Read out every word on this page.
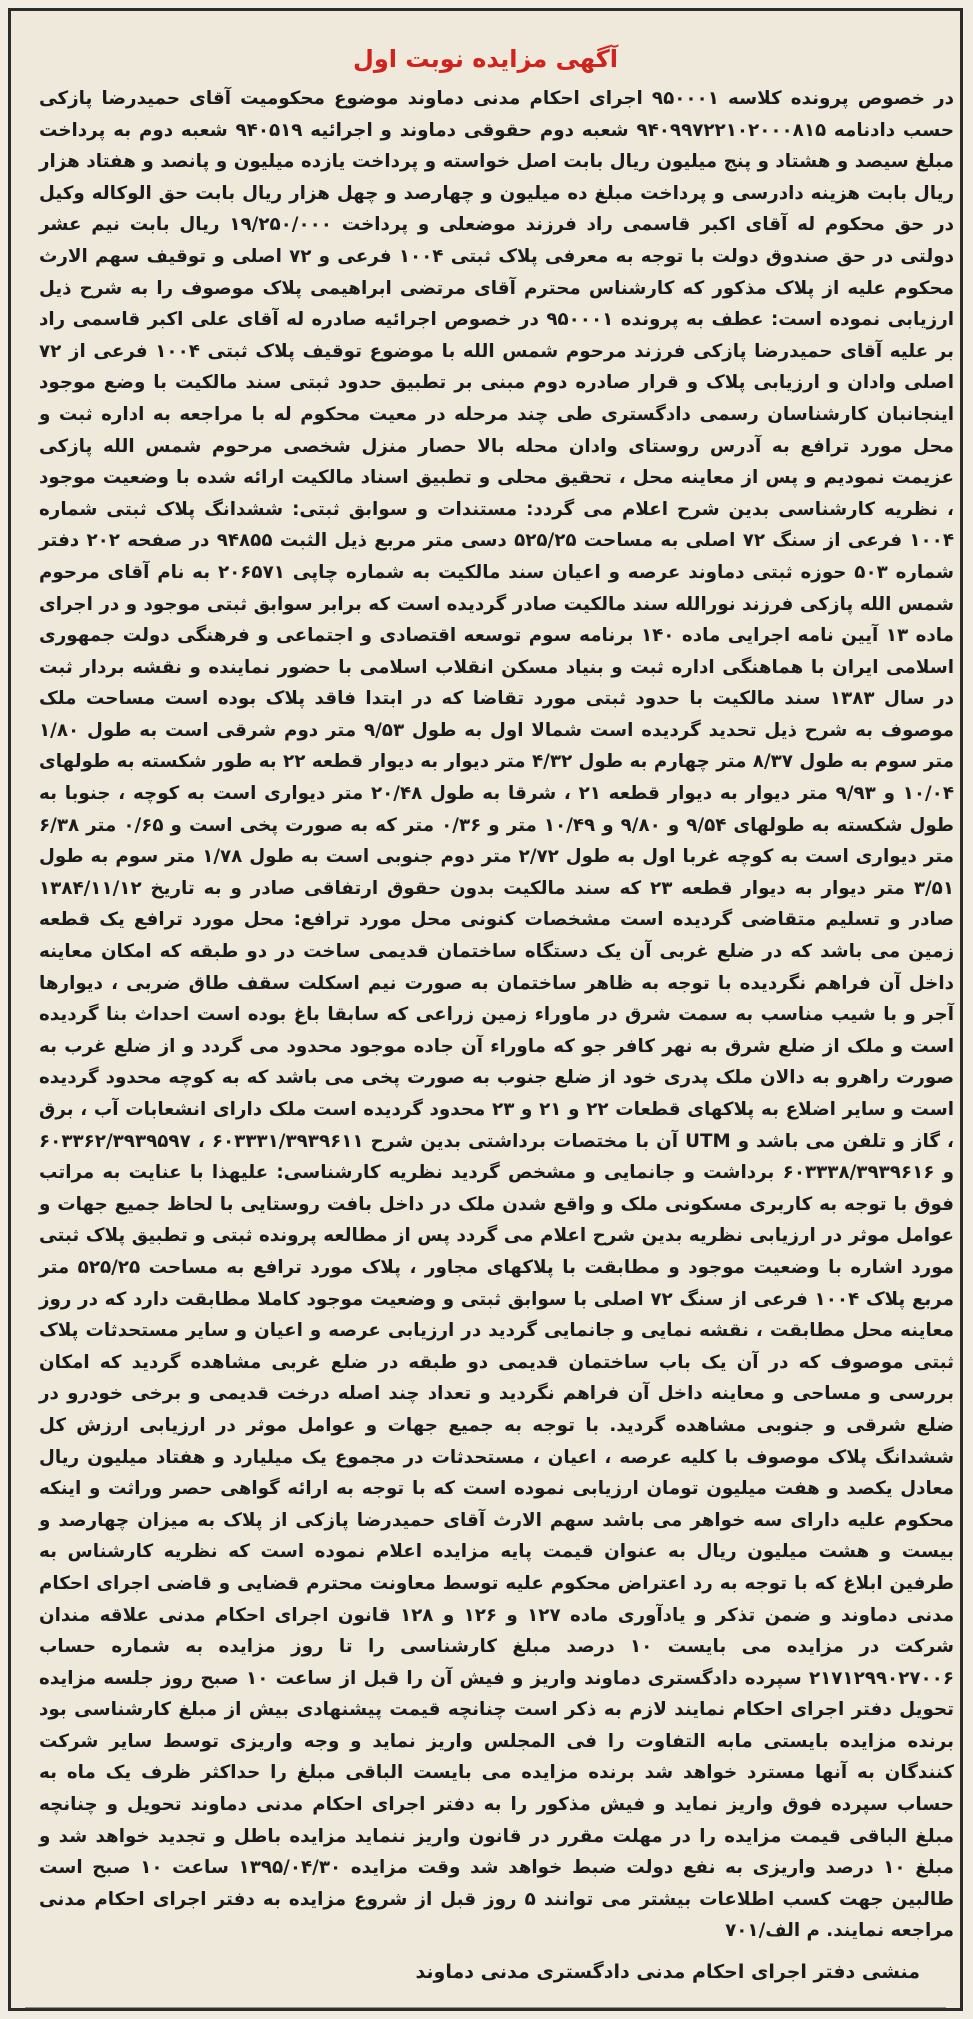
آگهی مزایده نوبت اول

در خصوص پرونده کلاسه ۹۵۰۰۰۱ اجرای احکام مدنی دماوند موضوع محکومیت آقای حمیدرضا پازکی حسب دادنامه ۹۴۰۹۹۷۲۲۱۰۲۰۰۰۸۱۵ شعبه دوم حقوقی دماوند و اجرائیه ۹۴۰۵۱۹ شعبه دوم به پرداخت مبلغ سیصد و هشتاد و پنج میلیون ریال بابت اصل خواسته و پرداخت یازده میلیون و پانصد و هفتاد هزار ریال بابت هزینه دادرسی و پرداخت مبلغ ده میلیون و چهارصد و چهل هزار ریال بابت حق الوکاله وکیل در حق محکوم له آقای اکبر قاسمی راد فرزند موضعلی و پرداخت ۱۹/۲۵۰/۰۰۰ ریال بابت نیم عشر دولتی در حق صندوق دولت با توجه به معرفی پلاک ثبتی ۱۰۰۴ فرعی و ۷۲ اصلی و توقیف سهم الارث محکوم علیه از پلاک مذکور که کارشناس محترم آقای مرتضی ابراهیمی پلاک موصوف را به شرح ذیل ارزیابی نموده است: عطف به پرونده ۹۵۰۰۰۱ در خصوص اجرائیه صادره له آقای علی اکبر قاسمی راد بر علیه آقای حمیدرضا پازکی فرزند مرحوم شمس الله با موضوع توقیف پلاک ثبتی ۱۰۰۴ فرعی از ۷۲ اصلی وادان و ارزیابی پلاک و قرار صادره دوم مبنی بر تطبیق حدود ثبتی سند مالکیت با وضع موجود اینجانبان کارشناسان رسمی دادگستری طی چند مرحله در معیت محکوم له با مراجعه به اداره ثبت و محل مورد ترافع به آدرس روستای وادان محله بالا حصار منزل شخصی مرحوم شمس الله پازکی عزیمت نمودیم و پس از معاینه محل ، تحقیق محلی و تطبیق اسناد مالکیت ارائه شده با وضعیت موجود ، نظریه کارشناسی بدین شرح اعلام می گردد: مستندات و سوابق ثبتی: ششدانگ پلاک ثبتی شماره ۱۰۰۴ فرعی از سنگ ۷۲ اصلی به مساحت ۵۲۵/۲۵ دسی متر مربع ذیل الثبت ۹۴۸۵۵ در صفحه ۲۰۲ دفتر شماره ۵۰۳ حوزه ثبتی دماوند عرصه و اعیان سند مالکیت به شماره چاپی ۲۰۶۵۷۱ به نام آقای مرحوم شمس الله پازکی فرزند نورالله سند مالکیت صادر گردیده است که برابر سوابق ثبتی موجود و در اجرای ماده ۱۳ آیین نامه اجرایی ماده ۱۴۰ برنامه سوم توسعه اقتصادی و اجتماعی و فرهنگی دولت جمهوری اسلامی ایران با هماهنگی اداره ثبت و بنیاد مسکن انقلاب اسلامی با حضور نماینده و نقشه بردار ثبت در سال ۱۳۸۳ سند مالکیت با حدود ثبتی مورد تقاضا که در ابتدا فاقد پلاک بوده است مساحت ملک موصوف به شرح ذیل تحدید گردیده است شمالا اول به طول ۹/۵۳ متر دوم شرقی است به طول ۱/۸۰ متر سوم به طول ۸/۳۷ متر چهارم به طول ۴/۳۲ متر دیوار به دیوار قطعه ۲۲ به طور شکسته به طولهای ۱۰/۰۴ و ۹/۹۳ متر دیوار به دیوار قطعه ۲۱ ، شرقا به طول ۲۰/۴۸ متر دیواری است به کوچه ، جنوبا به طول شکسته به طولهای ۹/۵۴ و ۹/۸۰ و ۱۰/۴۹ متر و ۰/۳۶ متر که به صورت پخی است و ۰/۶۵ متر ۶/۳۸ متر دیواری است به کوچه غربا اول به طول ۲/۷۲ متر دوم جنوبی است به طول ۱/۷۸ متر سوم به طول ۳/۵۱ متر دیوار به دیوار قطعه ۲۳ که سند مالکیت بدون حقوق ارتفاقی صادر و به تاریخ ۱۳۸۴/۱۱/۱۲ صادر و تسلیم متقاضی گردیده است مشخصات کنونی محل مورد ترافع: محل مورد ترافع یک قطعه زمین می باشد که در ضلع غربی آن یک دستگاه ساختمان قدیمی ساخت در دو طبقه که امکان معاینه داخل آن فراهم نگردیده با توجه به ظاهر ساختمان به صورت نیم اسکلت سقف طاق ضربی ، دیوارها آجر و با شیب مناسب به سمت شرق در ماوراء زمین زراعی که سابقا باغ بوده است احداث بنا گردیده است و ملک از ضلع شرق به نهر کافر جو که ماوراء آن جاده موجود محدود می گردد و از ضلع غرب به صورت راهرو به دالان ملک پدری خود از ضلع جنوب به صورت پخی می باشد که به کوچه محدود گردیده است و سایر اضلاع به پلاکهای قطعات ۲۲ و ۲۱ و ۲۳ محدود گردیده است ملک دارای انشعابات آب ، برق ، گاز و تلفن می باشد و UTM آن با مختصات برداشتی بدین شرح ۶۰۳۳۳۱/۳۹۳۹۶۱۱ ، ۶۰۳۳۶۲/۳۹۳۹۵۹۷ و ۶۰۳۳۳۸/۳۹۳۹۶۱۶ برداشت و جانمایی و مشخص گردید نظریه کارشناسی: علیهذا با عنایت به مراتب فوق با توجه به کاربری مسکونی ملک و واقع شدن ملک در داخل بافت روستایی با لحاظ جمیع جهات و عوامل موثر در ارزیابی نظریه بدین شرح اعلام می گردد پس از مطالعه پرونده ثبتی و تطبیق پلاک ثبتی مورد اشاره با وضعیت موجود و مطابقت با پلاکهای مجاور ، پلاک مورد ترافع به مساحت ۵۲۵/۲۵ متر مربع پلاک ۱۰۰۴ فرعی از سنگ ۷۲ اصلی با سوابق ثبتی و وضعیت موجود کاملا مطابقت دارد که در روز معاینه محل مطابقت ، نقشه نمایی و جانمایی گردید در ارزیابی عرصه و اعیان و سایر مستحدثات پلاک ثبتی موصوف که در آن یک باب ساختمان قدیمی دو طبقه در ضلع غربی مشاهده گردید که امکان بررسی و مساحی و معاینه داخل آن فراهم نگردید و تعداد چند اصله درخت قدیمی و برخی خودرو در ضلع شرقی و جنوبی مشاهده گردید. با توجه به جمیع جهات و عوامل موثر در ارزیابی ارزش کل ششدانگ پلاک موصوف با کلیه عرصه ، اعیان ، مستحدثات در مجموع یک میلیارد و هفتاد میلیون ریال معادل یکصد و هفت میلیون تومان ارزیابی نموده است که با توجه به ارائه گواهی حصر وراثت و اینکه محکوم علیه دارای سه خواهر می باشد سهم الارث آقای حمیدرضا پازکی از پلاک به میزان چهارصد و بیست و هشت میلیون ریال به عنوان قیمت پایه مزایده اعلام نموده است که نظریه کارشناس به طرفین ابلاغ که با توجه به رد اعتراض محکوم علیه توسط معاونت محترم قضایی و قاضی اجرای احکام مدنی دماوند و ضمن تذکر و یادآوری ماده ۱۲۷ و ۱۲۶ و ۱۲۸ قانون اجرای احکام مدنی علاقه مندان شرکت در مزایده می بایست ۱۰ درصد مبلغ کارشناسی را تا روز مزایده به شماره حساب ۲۱۷۱۲۹۹۰۲۷۰۰۶ سپرده دادگستری دماوند واریز و فیش آن را قبل از ساعت ۱۰ صبح روز جلسه مزایده تحویل دفتر اجرای احکام نمایند لازم به ذکر است چنانچه قیمت پیشنهادی بیش از مبلغ کارشناسی بود برنده مزایده بایستی مابه التفاوت را فی المجلس واریز نماید و وجه واریزی توسط سایر شرکت کنندگان به آنها مسترد خواهد شد برنده مزایده می بایست الباقی مبلغ را حداکثر ظرف یک ماه به حساب سپرده فوق واریز نماید و فیش مذکور را به دفتر اجرای احکام مدنی دماوند تحویل و چنانچه مبلغ الباقی قیمت مزایده را در مهلت مقرر در قانون واریز ننماید مزایده باطل و تجدید خواهد شد و مبلغ ۱۰ درصد واریزی به نفع دولت ضبط خواهد شد وقت مزایده ۱۳۹۵/۰۴/۳۰ ساعت ۱۰ صبح است طالبین جهت کسب اطلاعات بیشتر می توانند ۵ روز قبل از شروع مزایده به دفتر اجرای احکام مدنی مراجعه نمایند. م الف/۷۰۱

منشی دفتر اجرای احکام مدنی دادگستری مدنی دماوند
